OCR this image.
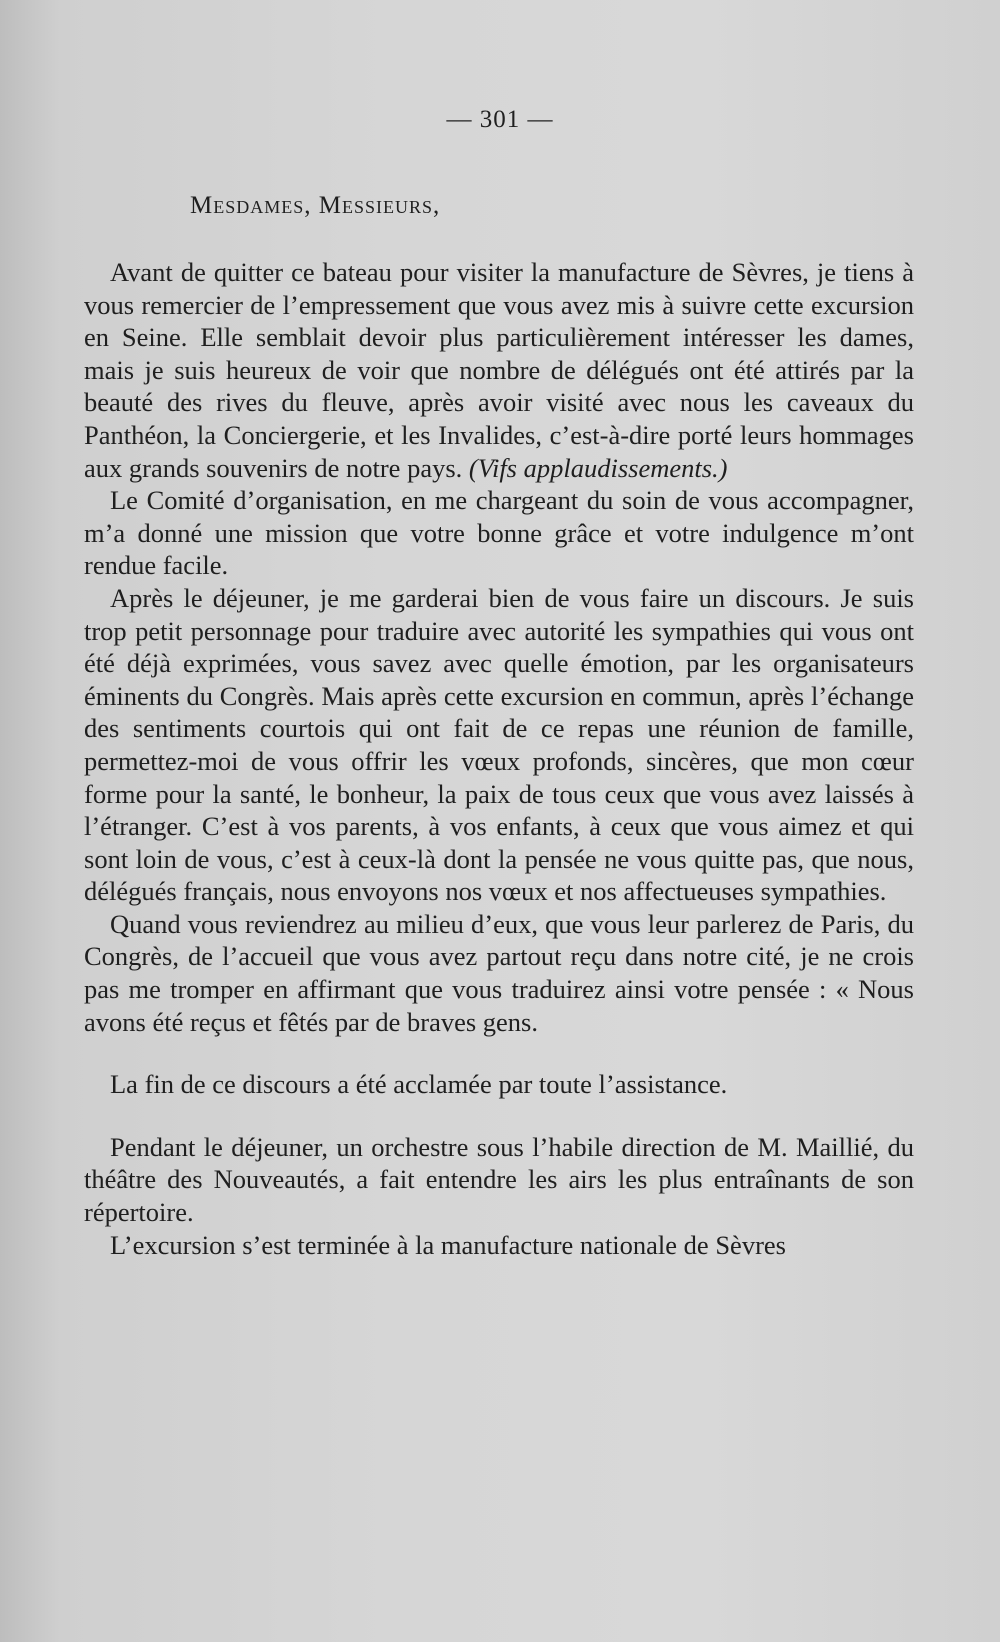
— 301 —
Mesdames, Messieurs,

Avant de quitter ce bateau pour visiter la manufacture de Sèvres, je tiens à vous remercier de l’empressement que vous avez mis à suivre cette excursion en Seine. Elle semblait devoir plus particulièrement intéresser les dames, mais je suis heureux de voir que nombre de délégués ont été attirés par la beauté des rives du fleuve, après avoir visité avec nous les caveaux du Panthéon, la Conciergerie, et les Invalides, c’est-à-dire porté leurs hommages aux grands souvenirs de notre pays. (Vifs applaudissements.)

Le Comité d’organisation, en me chargeant du soin de vous accompagner, m’a donné une mission que votre bonne grâce et votre indulgence m’ont rendue facile.

Après le déjeuner, je me garderai bien de vous faire un discours. Je suis trop petit personnage pour traduire avec autorité les sympathies qui vous ont été déjà exprimées, vous savez avec quelle émotion, par les organisateurs éminents du Congrès. Mais après cette excursion en commun, après l’échange des sentiments courtois qui ont fait de ce repas une réunion de famille, permettez-moi de vous offrir les vœux profonds, sincères, que mon cœur forme pour la santé, le bonheur, la paix de tous ceux que vous avez laissés à l’étranger. C’est à vos parents, à vos enfants, à ceux que vous aimez et qui sont loin de vous, c’est à ceux-là dont la pensée ne vous quitte pas, que nous, délégués français, nous envoyons nos vœux et nos affectueuses sympathies.

Quand vous reviendrez au milieu d’eux, que vous leur parlerez de Paris, du Congrès, de l’accueil que vous avez partout reçu dans notre cité, je ne crois pas me tromper en affirmant que vous traduirez ainsi votre pensée : « Nous avons été reçus et fêtés par de braves gens.

La fin de ce discours a été acclamée par toute l’assistance.

Pendant le déjeuner, un orchestre sous l’habile direction de M. Maillié, du théâtre des Nouveautés, a fait entendre les airs les plus entraînants de son répertoire.

L’excursion s’est terminée à la manufacture nationale de Sèvres
